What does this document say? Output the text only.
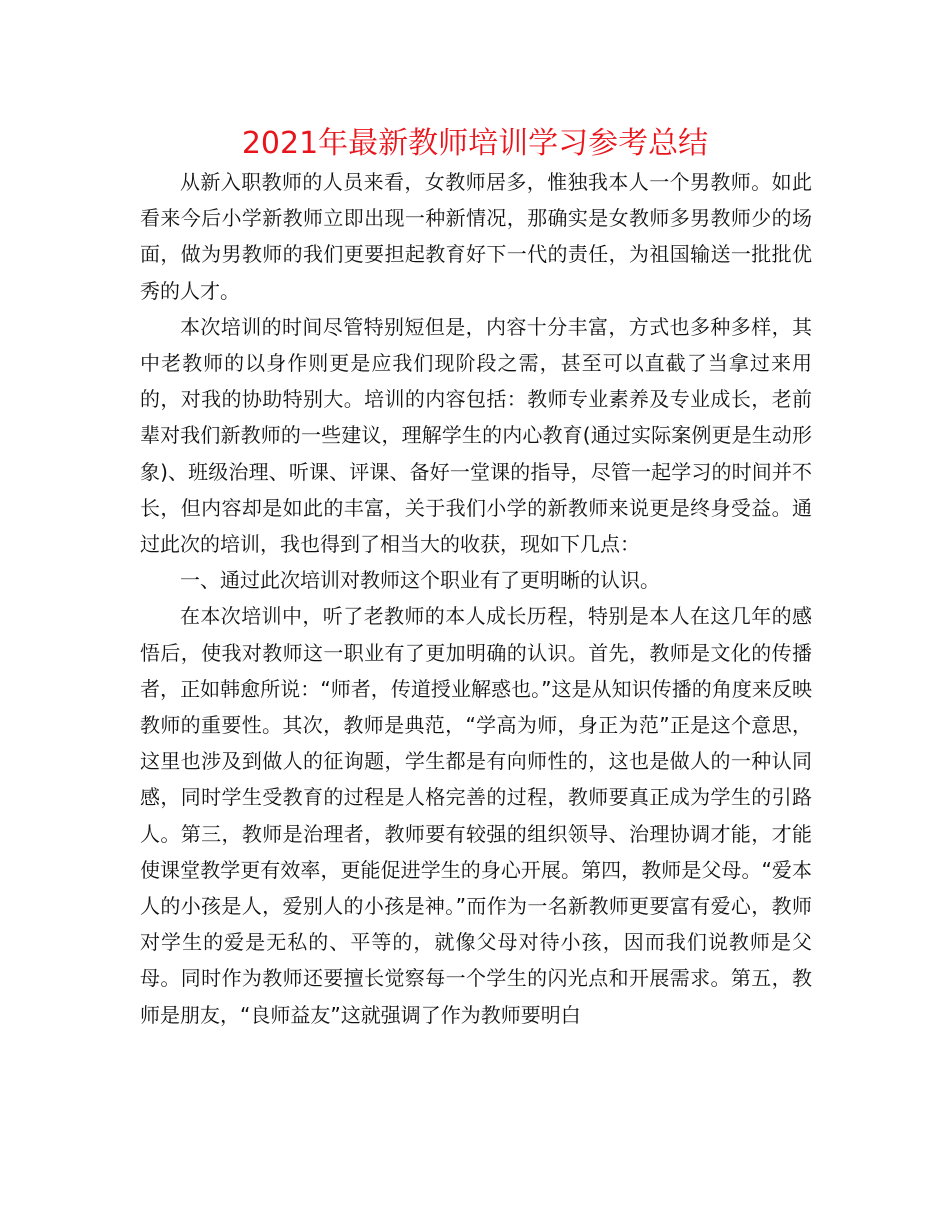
2021年最新教师培训学习参考总结

从新入职教师的人员来看，女教师居多，惟独我本人一个男教师。如此看来今后小学新教师立即出现一种新情况，那确实是女教师多男教师少的场面，做为男教师的我们更要担起教育好下一代的责任，为祖国输送一批批优秀的人才。

本次培训的时间尽管特别短但是，内容十分丰富，方式也多种多样，其中老教师的以身作则更是应我们现阶段之需，甚至可以直截了当拿过来用的，对我的协助特别大。培训的内容包括：教师专业素养及专业成长，老前辈对我们新教师的一些建议，理解学生的内心教育(通过实际案例更是生动形象)、班级治理、听课、评课、备好一堂课的指导，尽管一起学习的时间并不长，但内容却是如此的丰富，关于我们小学的新教师来说更是终身受益。通过此次的培训，我也得到了相当大的收获，现如下几点：

一、通过此次培训对教师这个职业有了更明晰的认识。

在本次培训中，听了老教师的本人成长历程，特别是本人在这几年的感悟后，使我对教师这一职业有了更加明确的认识。首先，教师是文化的传播者，正如韩愈所说：“师者，传道授业解惑也。”这是从知识传播的角度来反映教师的重要性。其次，教师是典范，“学高为师，身正为范”正是这个意思，这里也涉及到做人的征询题，学生都是有向师性的，这也是做人的一种认同感，同时学生受教育的过程是人格完善的过程，教师要真正成为学生的引路人。第三，教师是治理者，教师要有较强的组织领导、治理协调才能，才能使课堂教学更有效率，更能促进学生的身心开展。第四，教师是父母。“爱本人的小孩是人，爱别人的小孩是神。”而作为一名新教师更要富有爱心，教师对学生的爱是无私的、平等的，就像父母对待小孩，因而我们说教师是父母。同时作为教师还要擅长觉察每一个学生的闪光点和开展需求。第五，教师是朋友，“良师益友”这就强调了作为教师要明白
